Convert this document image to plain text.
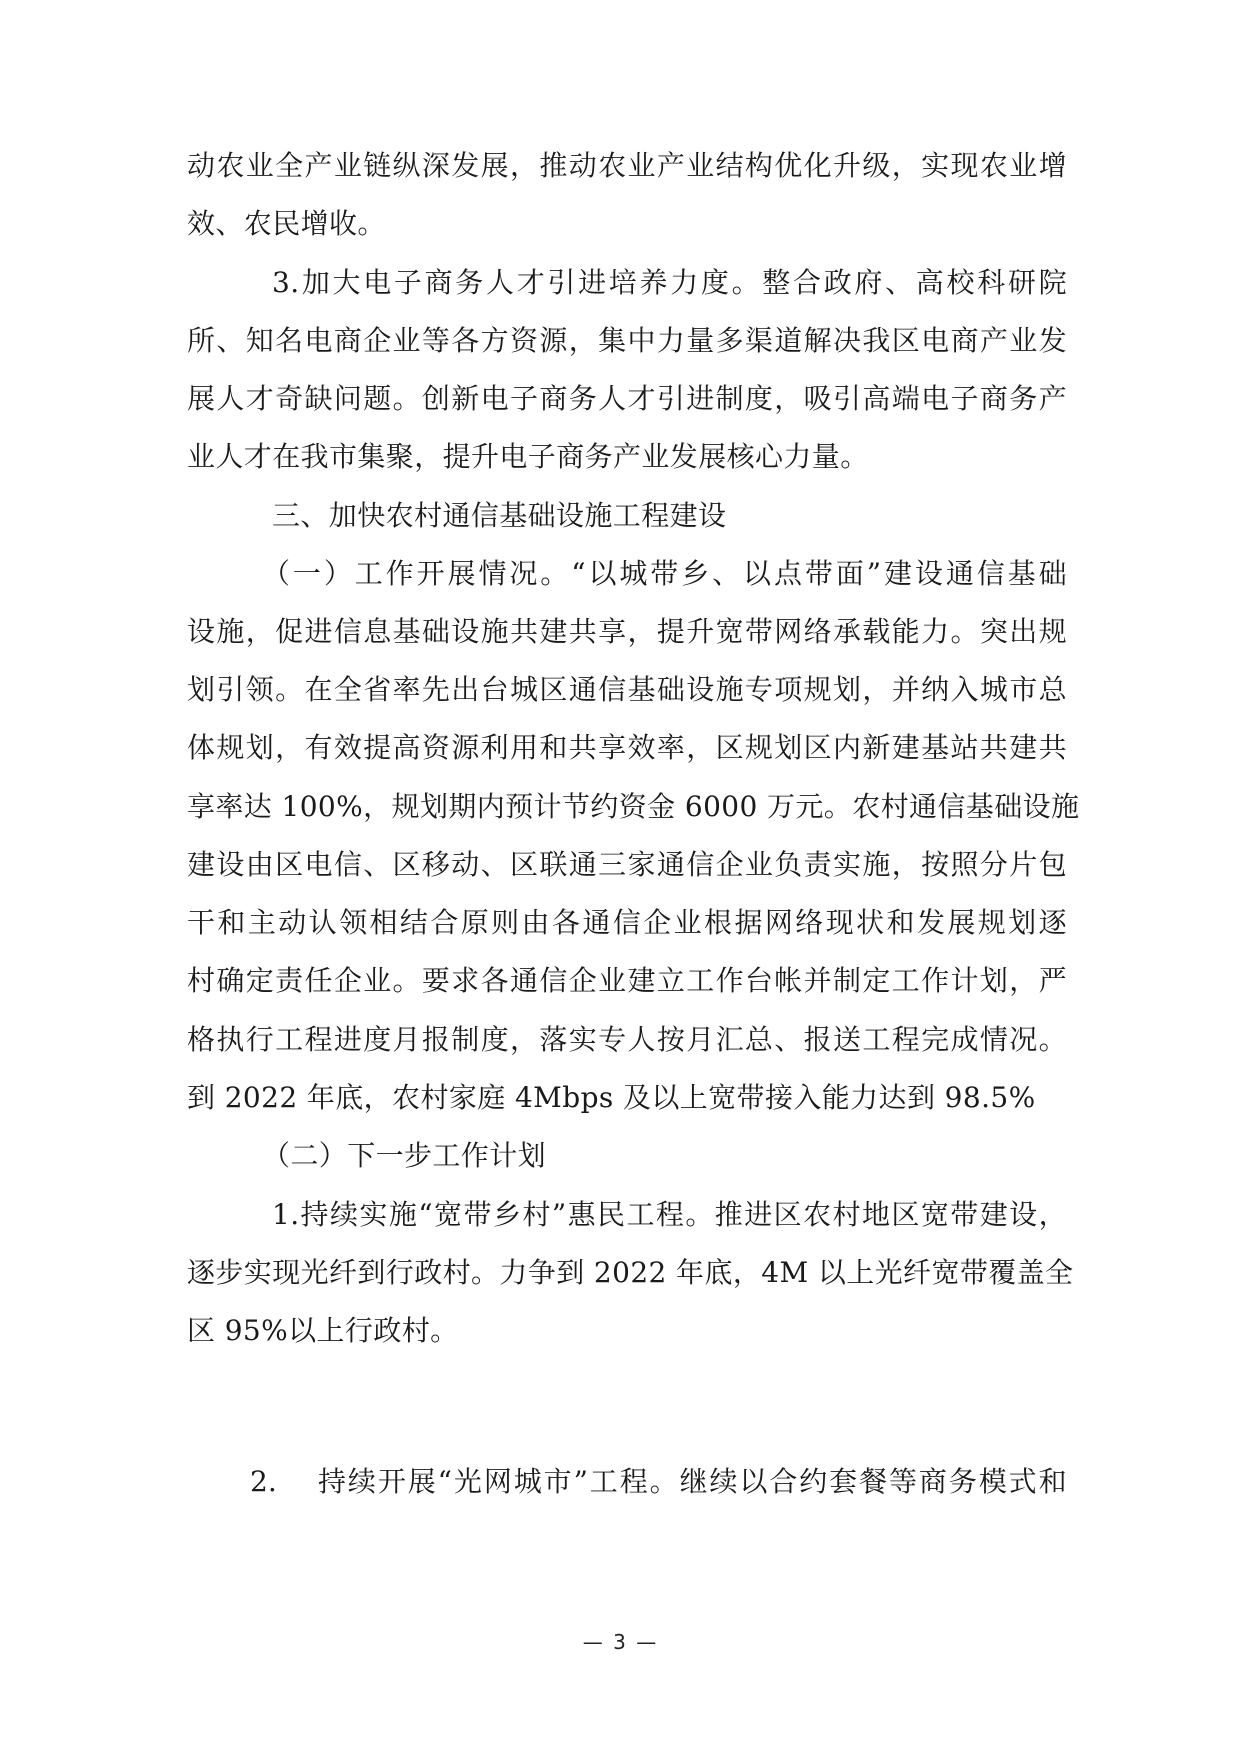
动农业全产业链纵深发展，推动农业产业结构优化升级，实现农业增
效、农民增收。
3.加大电子商务人才引进培养力度。整合政府、高校科研院
所、知名电商企业等各方资源，集中力量多渠道解决我区电商产业发
展人才奇缺问题。创新电子商务人才引进制度，吸引高端电子商务产
业人才在我市集聚，提升电子商务产业发展核心力量。
三、加快农村通信基础设施工程建设
（一）工作开展情况。“以城带乡、以点带面”建设通信基础
设施，促进信息基础设施共建共享，提升宽带网络承载能力。突出规
划引领。在全省率先出台城区通信基础设施专项规划，并纳入城市总
体规划，有效提高资源利用和共享效率，区规划区内新建基站共建共
享率达 100%，规划期内预计节约资金 6000 万元。农村通信基础设施
建设由区电信、区移动、区联通三家通信企业负责实施，按照分片包
干和主动认领相结合原则由各通信企业根据网络现状和发展规划逐
村确定责任企业。要求各通信企业建立工作台帐并制定工作计划，严
格执行工程进度月报制度，落实专人按月汇总、报送工程完成情况。
到 2022 年底，农村家庭 4Mbps 及以上宽带接入能力达到 98.5%
（二）下一步工作计划
1.持续实施“宽带乡村”惠民工程。推进区农村地区宽带建设，
逐步实现光纤到行政村。力争到 2022 年底，4M 以上光纤宽带覆盖全
区 95%以上行政村。
2. 持续开展“光网城市”工程。继续以合约套餐等商务模式和
— 3 —
